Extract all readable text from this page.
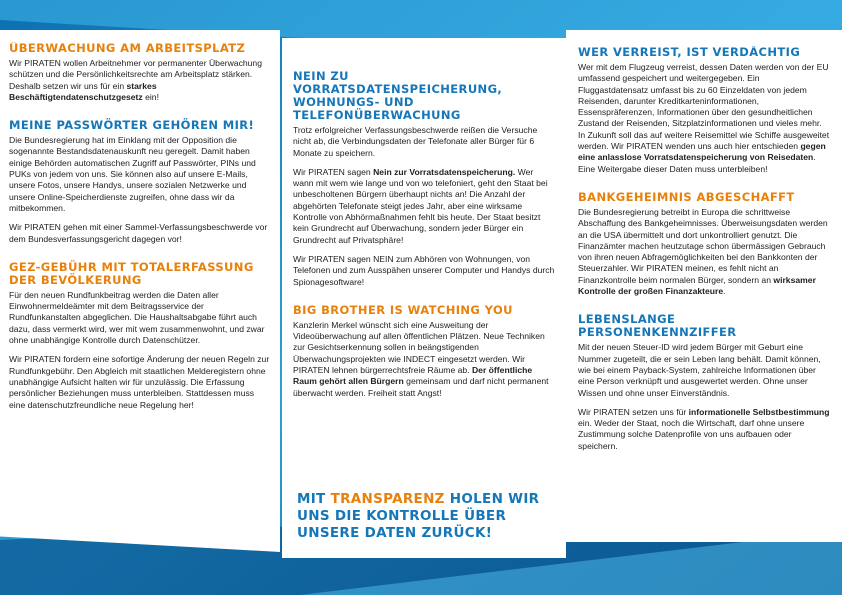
ÜBERWACHUNG AM ARBEITSPLATZ

Wir PIRATEN wollen Arbeitnehmer vor permanenter Überwachung schützen und die Persönlichkeitsrechte am Arbeitsplatz stärken. Deshalb setzen wir uns für ein starkes Beschäftigtendatenschutzgesetz ein!

MEINE PASSWÖRTER GEHÖREN MIR!

Die Bundesregierung hat im Einklang mit der Opposition die sogenannte Bestandsdatenauskunft neu geregelt. Damit haben einige Behörden automatischen Zugriff auf Passwörter, PINs und PUKs von jedem von uns. Sie können also auf unsere E-Mails, unsere Fotos, unsere Handys, unsere sozialen Netzwerke und unsere Online-Speicherdienste zugreifen, ohne dass wir da mitbekommen.

Wir PIRATEN gehen mit einer Sammel-Verfassungsbeschwerde vor dem Bundesverfassungsgericht dagegen vor!

GEZ-GEBÜHR MIT TOTALERFASSUNG DER BEVÖLKERUNG

Für den neuen Rundfunkbeitrag werden die Daten aller Einwohnermeldeämter mit dem Beitragsservice der Rundfunkanstalten abgeglichen. Die Haushaltsabgabe führt auch dazu, dass vermerkt wird, wer mit wem zusammenwohnt, und zwar ohne unabhängige Kontrolle durch Datenschützer.

Wir PIRATEN fordern eine sofortige Änderung der neuen Regeln zur Rundfunkgebühr. Den Abgleich mit staatlichen Melderegistern ohne unabhängige Aufsicht halten wir für unzulässig. Die Erfassung persönlicher Beziehungen muss unterbleiben. Stattdessen muss eine datenschutzfreundliche neue Regelung her!

NEIN ZU VORRATSDATENSPEICHERUNG, WOHNUNGS- UND TELEFONÜBERWACHUNG

Trotz erfolgreicher Verfassungsbeschwerde reißen die Versuche nicht ab, die Verbindungsdaten der Telefonate aller Bürger für 6 Monate zu speichern.

Wir PIRATEN sagen Nein zur Vorratsdatenspeicherung. Wer wann mit wem wie lange und von wo telefoniert, geht den Staat bei unbescholtenen Bürgern überhaupt nichts an! Die Anzahl der abgehörten Telefonate steigt jedes Jahr, aber eine wirksame Kontrolle von Abhörmaßnahmen fehlt bis heute. Der Staat besitzt kein Grundrecht auf Überwachung, sondern jeder Bürger ein Grundrecht auf Privatsphäre!

Wir PIRATEN sagen NEIN zum Abhören von Wohnungen, von Telefonen und zum Ausspähen unserer Computer und Handys durch Spionagesoftware!

BIG BROTHER IS WATCHING YOU

Kanzlerin Merkel wünscht sich eine Ausweitung der Videoüberwachung auf allen öffentlichen Plätzen. Neue Techniken zur Gesichtserkennung sollen in beängstigenden Überwachungsprojekten wie INDECT eingesetzt werden. Wir PIRATEN lehnen bürgerrechtsfreie Räume ab. Der öffentliche Raum gehört allen Bürgern gemeinsam und darf nicht permanent überwacht werden. Freiheit statt Angst!

MIT TRANSPARENZ HOLEN WIR UNS DIE KONTROLLE ÜBER UNSERE DATEN ZURÜCK!
WER VERREIST, IST VERDÄCHTIG

Wer mit dem Flugzeug verreist, dessen Daten werden von der EU umfassend gespeichert und weitergegeben. Ein Fluggastdatensatz umfasst bis zu 60 Einzeldaten von jedem Reisenden, darunter Kreditkarteninformationen, Essenspräferenzen, Informationen über den gesundheitlichen Zustand der Reisenden, Sitzplatzinformationen und vieles mehr. In Zukunft soll das auf weitere Reisemittel wie Schiffe ausgeweitet werden. Wir PIRATEN wenden uns auch hier entschieden gegen eine anlasslose Vorratsdatenspeicherung von Reisedaten. Eine Weitergabe dieser Daten muss unterbleiben!

BANKGEHEIMNIS ABGESCHAFFT

Die Bundesregierung betreibt in Europa die schrittweise Abschaffung des Bankgeheimnisses. Überweisungsdaten werden an die USA übermittelt und dort unkontrolliert genutzt. Die Finanzämter machen heutzutage schon übermässigen Gebrauch von ihren neuen Abfragemöglichkeiten bei den Bankkonten der Steuerzahler. Wir PIRATEN meinen, es fehlt nicht an Finanzkontrolle beim normalen Bürger, sondern an wirksamer Kontrolle der großen Finanzakteure.

LEBENSLANGE PERSONENKENNZIFFER

Mit der neuen Steuer-ID wird jedem Bürger mit Geburt eine Nummer zugeteilt, die er sein Leben lang behält. Damit können, wie bei einem Payback-System, zahlreiche Informationen über eine Person verknüpft und ausgewertet werden. Ohne unser Wissen und ohne unser Einverständnis.

Wir PIRATEN setzen uns für informationelle Selbstbestimmung ein. Weder der Staat, noch die Wirtschaft, darf ohne unsere Zustimmung solche Datenprofile von uns aufbauen oder speichern.
